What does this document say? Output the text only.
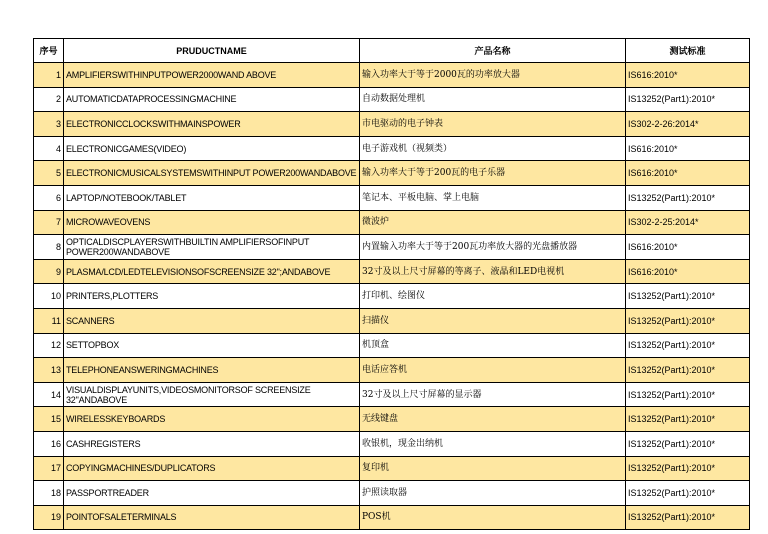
序号	PRUDUCTNAME	产品名称	测试标准
1	AMPLIFIERSWITHINPUTPOWER2000WAND ABOVE	输入功率大于等于2000瓦的功率放大器	IS616:2010*
2	AUTOMATICDATAPROCESSINGMACHINE	自动数据处理机	IS13252(Part1):2010*
3	ELECTRONICCLOCKSWITHMAINSPOWER	市电驱动的电子钟表	IS302-2-26:2014*
4	ELECTRONICGAMES(VIDEO)	电子游戏机（视频类）	IS616:2010*
5	ELECTRONICMUSICALSYSTEMSWITHINPUT POWER200WANDABOVE	输入功率大于等于200瓦的电子乐器	IS616:2010*
6	LAPTOP/NOTEBOOK/TABLET	笔记本、平板电脑、掌上电脑	IS13252(Part1):2010*
7	MICROWAVEOVENS	微波炉	IS302-2-25:2014*
8	OPTICALDISCPLAYERSWITHBUILTIN AMPLIFIERSOFINPUT POWER200WANDABOVE	内置输入功率大于等于200瓦功率放大器的光盘播放器	IS616:2010*
9	PLASMA/LCD/LEDTELEVISIONSOFSCREENSIZE 32";ANDABOVE	32寸及以上尺寸屏幕的等离子、液晶和LED电视机	IS616:2010*
10	PRINTERS,PLOTTERS	打印机、绘图仪	IS13252(Part1):2010*
11	SCANNERS	扫描仪	IS13252(Part1):2010*
12	SETTOPBOX	机顶盒	IS13252(Part1):2010*
13	TELEPHONEANSWERINGMACHINES	电话应答机	IS13252(Part1):2010*
14	VISUALDISPLAYUNITS,VIDEOSMONITORSOF SCREENSIZE 32"ANDABOVE	32寸及以上尺寸屏幕的显示器	IS13252(Part1):2010*
15	WIRELESSKEYBOARDS	无线键盘	IS13252(Part1):2010*
16	CASHREGISTERS	收银机，现金出纳机	IS13252(Part1):2010*
17	COPYINGMACHINES/DUPLICATORS	复印机	IS13252(Part1):2010*
18	PASSPORTREADER	护照读取器	IS13252(Part1):2010*
19	POINTOFSALETERMINALS	POS机	IS13252(Part1):2010*
